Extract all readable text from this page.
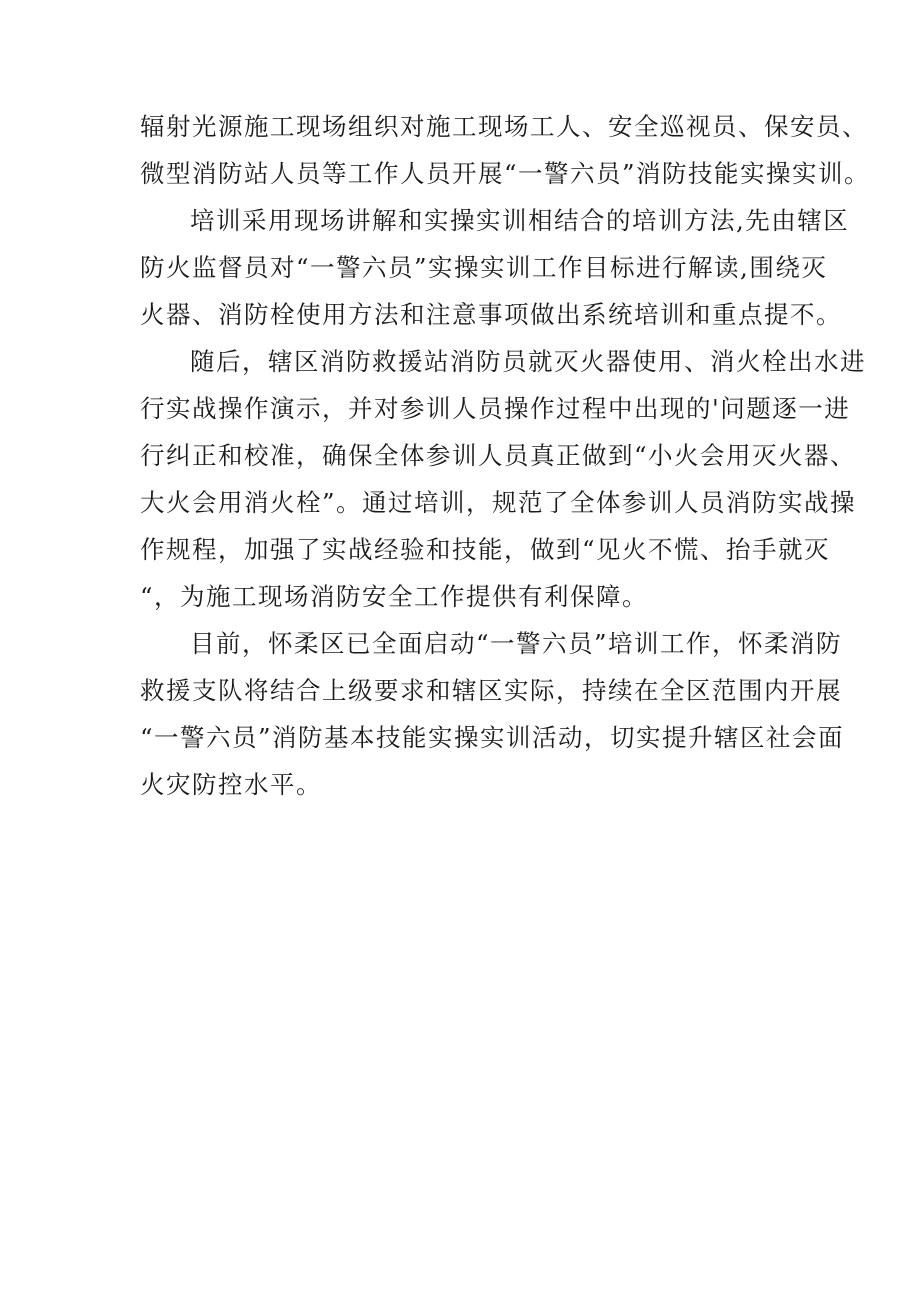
辐射光源施工现场组织对施工现场工人、安全巡视员、保安员、
微型消防站人员等工作人员开展“一警六员”消防技能实操实训。
培训采用现场讲解和实操实训相结合的培训方法,先由辖区
防火监督员对“一警六员”实操实训工作目标进行解读,围绕灭
火器、消防栓使用方法和注意事项做出系统培训和重点提不。
随后，辖区消防救援站消防员就灭火器使用、消火栓出水进
行实战操作演示，并对参训人员操作过程中出现的'问题逐一进
行纠正和校准，确保全体参训人员真正做到“小火会用灭火器、
大火会用消火栓”。通过培训，规范了全体参训人员消防实战操
作规程，加强了实战经验和技能，做到“见火不慌、抬手就灭
“，为施工现场消防安全工作提供有利保障。
目前，怀柔区已全面启动“一警六员”培训工作，怀柔消防
救援支队将结合上级要求和辖区实际，持续在全区范围内开展
“一警六员”消防基本技能实操实训活动，切实提升辖区社会面
火灾防控水平。
